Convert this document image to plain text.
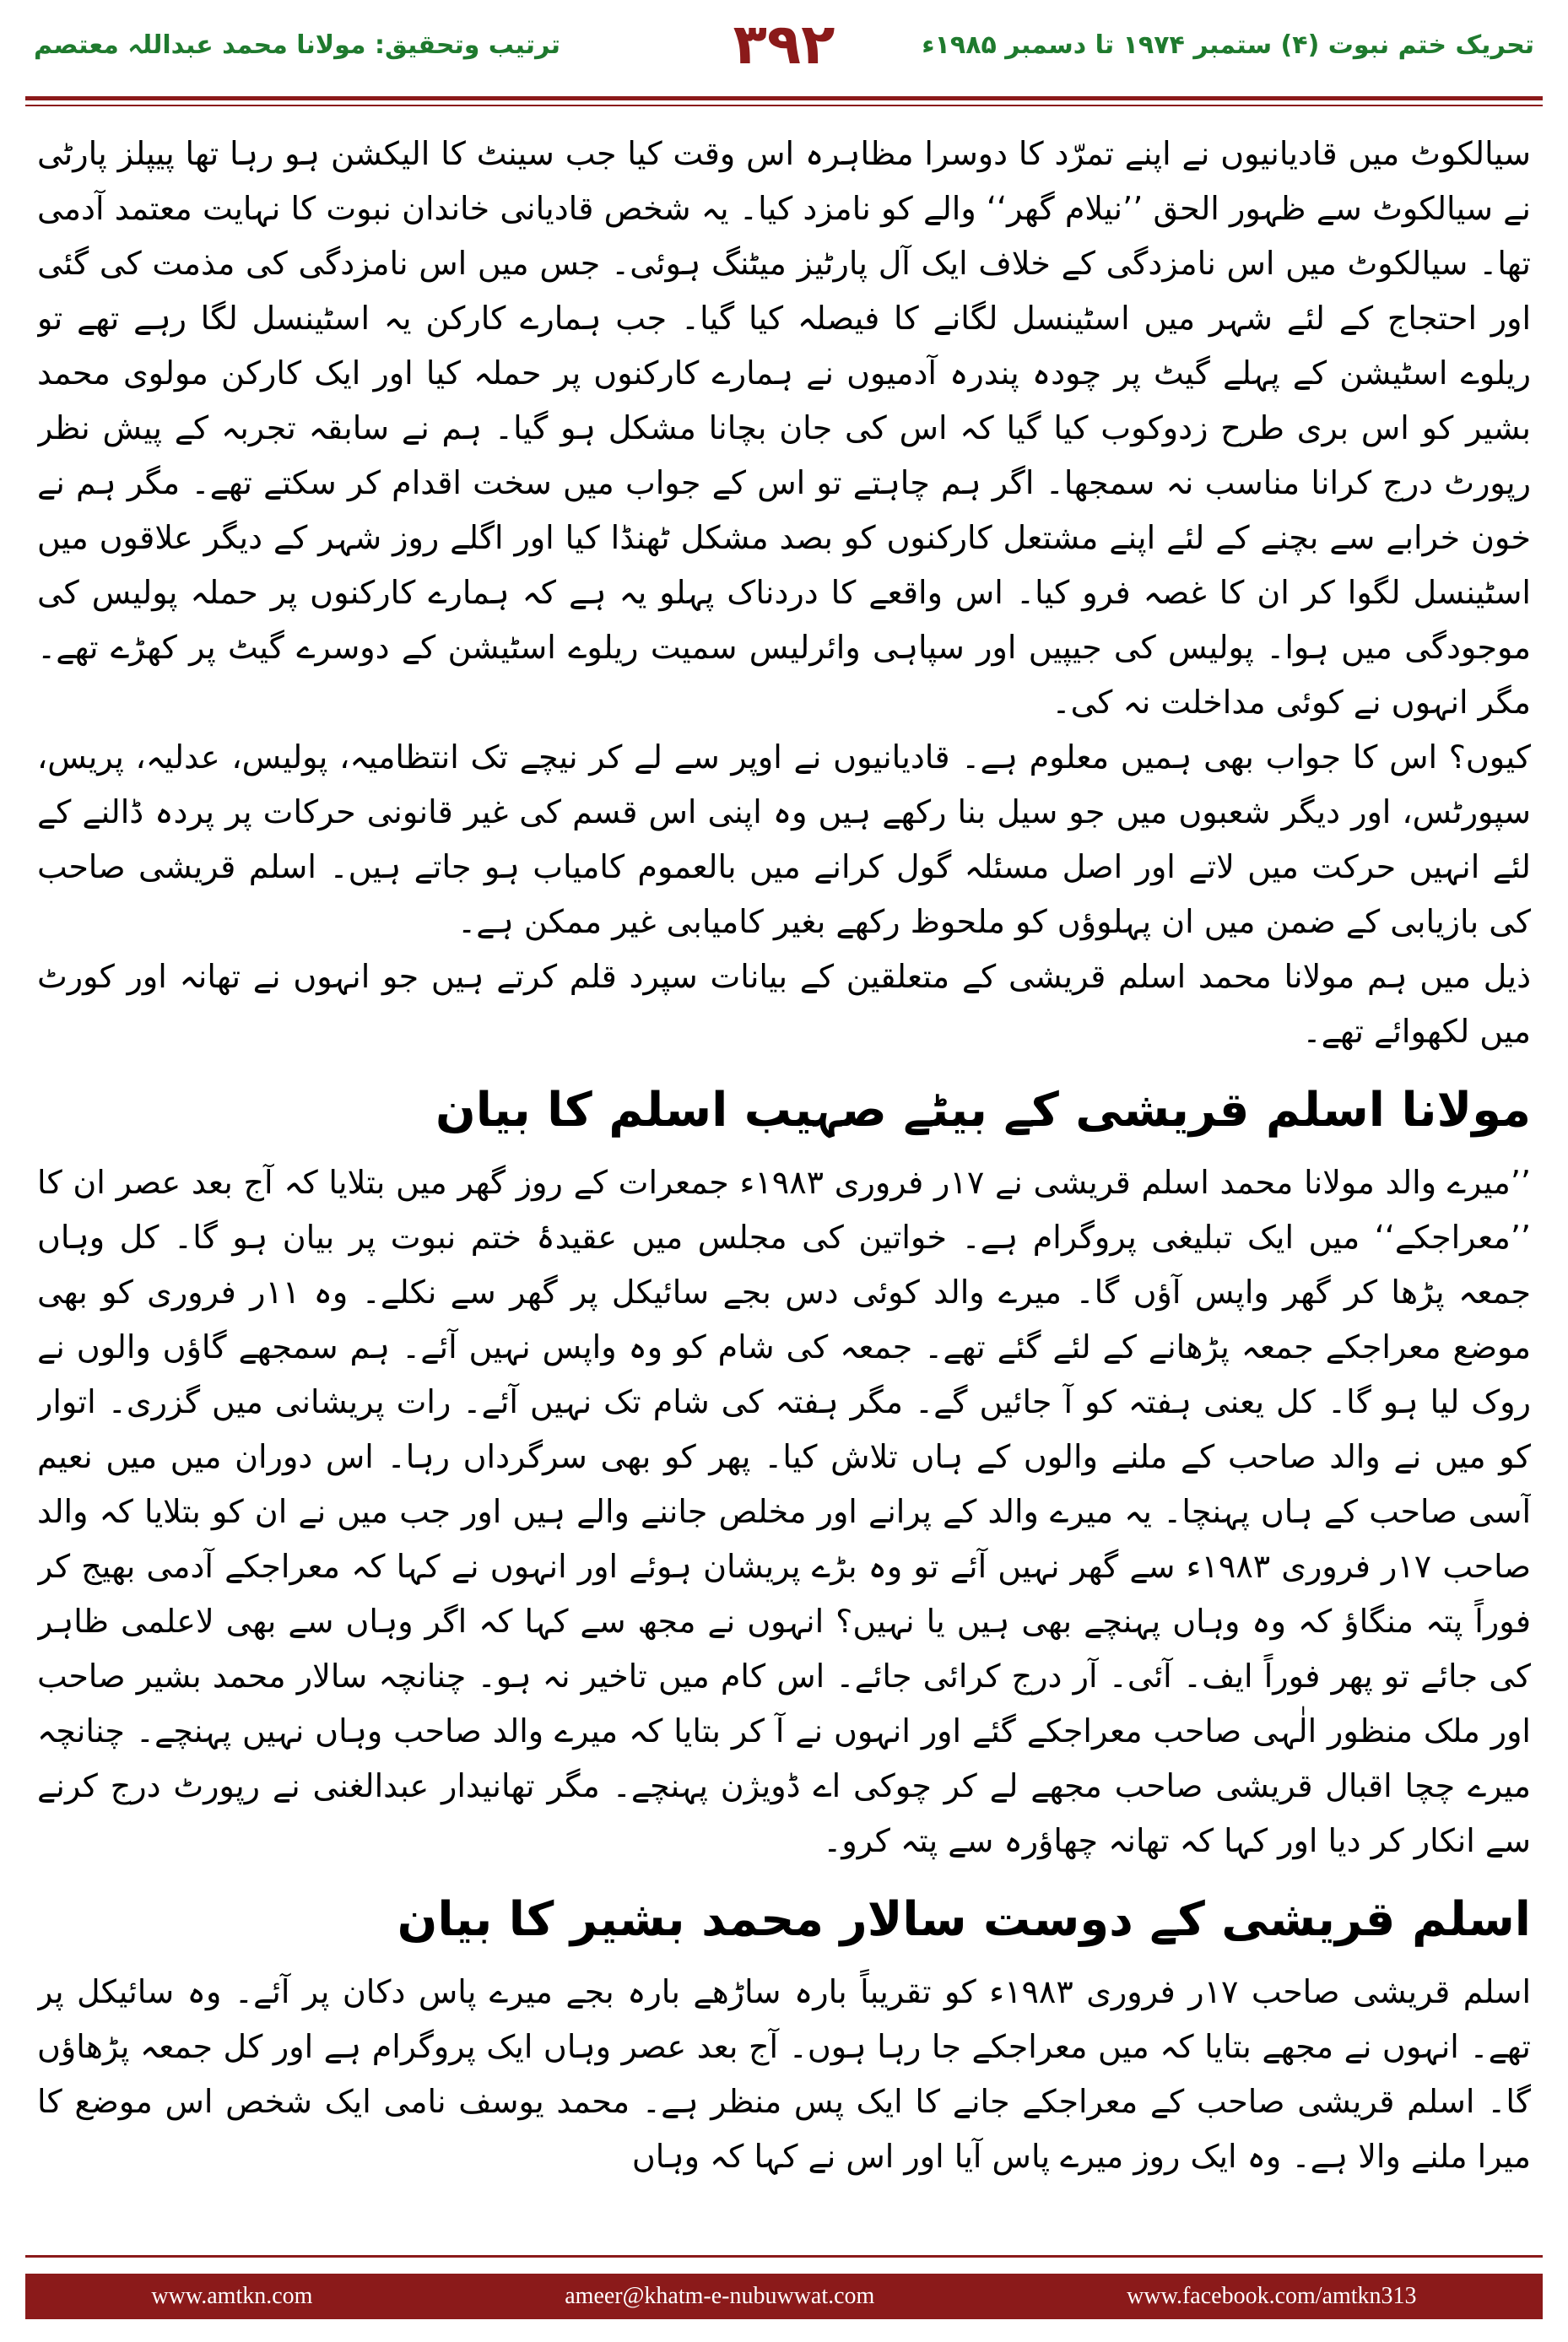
ترتیب وتحقیق: مولانا محمد عبداللہ معتصم	۳۹۲	تحریک ختم نبوت (۴) ستمبر ۱۹۷۴ تا دسمبر ۱۹۸۵ء

سیالکوٹ میں قادیانیوں نے اپنے تمرّد کا دوسرا مظاہرہ اس وقت کیا جب سینٹ کا الیکشن ہو رہا تھا پیپلز پارٹی نے سیالکوٹ سے ظہور الحق ’’نیلام گھر‘‘ والے کو نامزد کیا۔ یہ شخص قادیانی خاندان نبوت کا نہایت معتمد آدمی تھا۔ سیالکوٹ میں اس نامزدگی کے خلاف ایک آل پارٹیز میٹنگ ہوئی۔ جس میں اس نامزدگی کی مذمت کی گئی اور احتجاج کے لئے شہر میں اسٹینسل لگانے کا فیصلہ کیا گیا۔ جب ہمارے کارکن یہ اسٹینسل لگا رہے تھے تو ریلوے اسٹیشن کے پہلے گیٹ پر چودہ پندرہ آدمیوں نے ہمارے کارکنوں پر حملہ کیا اور ایک کارکن مولوی محمد بشیر کو اس بری طرح زدوکوب کیا گیا کہ اس کی جان بچانا مشکل ہو گیا۔ ہم نے سابقہ تجربہ کے پیش نظر رپورٹ درج کرانا مناسب نہ سمجھا۔ اگر ہم چاہتے تو اس کے جواب میں سخت اقدام کر سکتے تھے۔ مگر ہم نے خون خرابے سے بچنے کے لئے اپنے مشتعل کارکنوں کو بصد مشکل ٹھنڈا کیا اور اگلے روز شہر کے دیگر علاقوں میں اسٹینسل لگوا کر ان کا غصہ فرو کیا۔ اس واقعے کا دردناک پہلو یہ ہے کہ ہمارے کارکنوں پر حملہ پولیس کی موجودگی میں ہوا۔ پولیس کی جیپیں اور سپاہی وائرلیس سمیت ریلوے اسٹیشن کے دوسرے گیٹ پر کھڑے تھے۔ مگر انہوں نے کوئی مداخلت نہ کی۔

کیوں؟ اس کا جواب بھی ہمیں معلوم ہے۔ قادیانیوں نے اوپر سے لے کر نیچے تک انتظامیہ، پولیس، عدلیہ، پریس، سپورٹس، اور دیگر شعبوں میں جو سیل بنا رکھے ہیں وہ اپنی اس قسم کی غیر قانونی حرکات پر پردہ ڈالنے کے لئے انہیں حرکت میں لاتے اور اصل مسئلہ گول کرانے میں بالعموم کامیاب ہو جاتے ہیں۔ اسلم قریشی صاحب کی بازیابی کے ضمن میں ان پہلوؤں کو ملحوظ رکھے بغیر کامیابی غیر ممکن ہے۔

ذیل میں ہم مولانا محمد اسلم قریشی کے متعلقین کے بیانات سپرد قلم کرتے ہیں جو انہوں نے تھانہ اور کورٹ میں لکھوائے تھے۔

مولانا اسلم قریشی کے بیٹے صہیب اسلم کا بیان

’’میرے والد مولانا محمد اسلم قریشی نے ۱۷ر فروری ۱۹۸۳ء جمعرات کے روز گھر میں بتلایا کہ آج بعد عصر ان کا ’’معراجکے‘‘ میں ایک تبلیغی پروگرام ہے۔ خواتین کی مجلس میں عقیدۂ ختم نبوت پر بیان ہو گا۔ کل وہاں جمعہ پڑھا کر گھر واپس آؤں گا۔ میرے والد کوئی دس بجے سائیکل پر گھر سے نکلے۔ وہ ۱۱ر فروری کو بھی موضع معراجکے جمعہ پڑھانے کے لئے گئے تھے۔ جمعہ کی شام کو وہ واپس نہیں آئے۔ ہم سمجھے گاؤں والوں نے روک لیا ہو گا۔ کل یعنی ہفتہ کو آ جائیں گے۔ مگر ہفتہ کی شام تک نہیں آئے۔ رات پریشانی میں گزری۔ اتوار کو میں نے والد صاحب کے ملنے والوں کے ہاں تلاش کیا۔ پھر کو بھی سرگرداں رہا۔ اس دوران میں میں نعیم آسی صاحب کے ہاں پہنچا۔ یہ میرے والد کے پرانے اور مخلص جاننے والے ہیں اور جب میں نے ان کو بتلایا کہ والد صاحب ۱۷ر فروری ۱۹۸۳ء سے گھر نہیں آئے تو وہ بڑے پریشان ہوئے اور انہوں نے کہا کہ معراجکے آدمی بھیج کر فوراً پتہ منگاؤ کہ وہ وہاں پہنچے بھی ہیں یا نہیں؟ انہوں نے مجھ سے کہا کہ اگر وہاں سے بھی لاعلمی ظاہر کی جائے تو پھر فوراً ایف۔ آئی۔ آر درج کرائی جائے۔ اس کام میں تاخیر نہ ہو۔ چنانچہ سالار محمد بشیر صاحب اور ملک منظور الٰہی صاحب معراجکے گئے اور انہوں نے آ کر بتایا کہ میرے والد صاحب وہاں نہیں پہنچے۔ چنانچہ میرے چچا اقبال قریشی صاحب مجھے لے کر چوکی اے ڈویژن پہنچے۔ مگر تھانیدار عبدالغنی نے رپورٹ درج کرنے سے انکار کر دیا اور کہا کہ تھانہ چھاؤرہ سے پتہ کرو۔

اسلم قریشی کے دوست سالار محمد بشیر کا بیان

اسلم قریشی صاحب ۱۷ر فروری ۱۹۸۳ء کو تقریباً بارہ ساڑھے بارہ بجے میرے پاس دکان پر آئے۔ وہ سائیکل پر تھے۔ انہوں نے مجھے بتایا کہ میں معراجکے جا رہا ہوں۔ آج بعد عصر وہاں ایک پروگرام ہے اور کل جمعہ پڑھاؤں گا۔ اسلم قریشی صاحب کے معراجکے جانے کا ایک پس منظر ہے۔ محمد یوسف نامی ایک شخص اس موضع کا میرا ملنے والا ہے۔ وہ ایک روز میرے پاس آیا اور اس نے کہا کہ وہاں

www.amtkn.com	ameer@khatm-e-nubuwwat.com	www.facebook.com/amtkn313
